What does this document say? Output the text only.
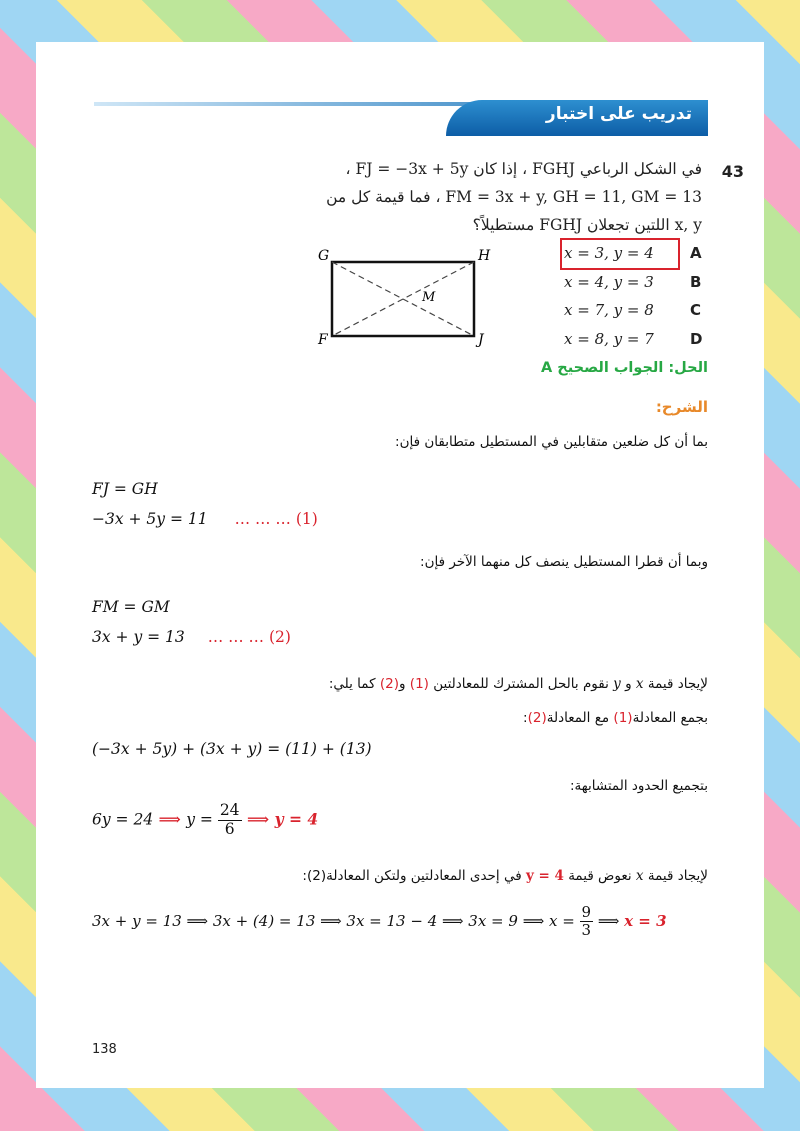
تدريب على اختبار
43
في الشكل الرباعي FGHJ ، إذا كان FJ = −3x + 5y ،
FM = 3x + y, GH = 11, GM = 13 ، فما قيمة كل من
x, y اللتين تجعلان FGHJ مستطيلاً؟
G	H
F	J
M
x = 3, y = 4	A
x = 4, y = 3	B
x = 7, y = 8	C
x = 8, y = 7	D
الحل: الجواب الصحيح A
الشرح:
بما أن كل ضلعين متقابلين في المستطيل متطابقان فإن:
FJ = GH
−3x + 5y = 11 … … … (1)
وبما أن قطرا المستطيل ينصف كل منهما الآخر فإن:
FM = GM
3x + y = 13 … … … (2)
لإيجاد قيمة x و y نقوم بالحل المشترك للمعادلتين (1) و(2) كما يلي:
بجمع المعادلة(1) مع المعادلة(2):
(−3x + 5y) + (3x + y) = (11) + (13)
بتجميع الحدود المتشابهة:
6y = 24 ⟹ $y = \frac{24}{6}$ ⟹ y = 4
لإيجاد قيمة x نعوض قيمة y = 4 في إحدى المعادلتين ولتكن المعادلة(2):
3x + y = 13 ⟹ 3x + (4) = 13 ⟹ 3x = 13 − 4 ⟹ 3x = 9 ⟹ $x = \frac{9}{3}$ ⟹ x = 3
138
